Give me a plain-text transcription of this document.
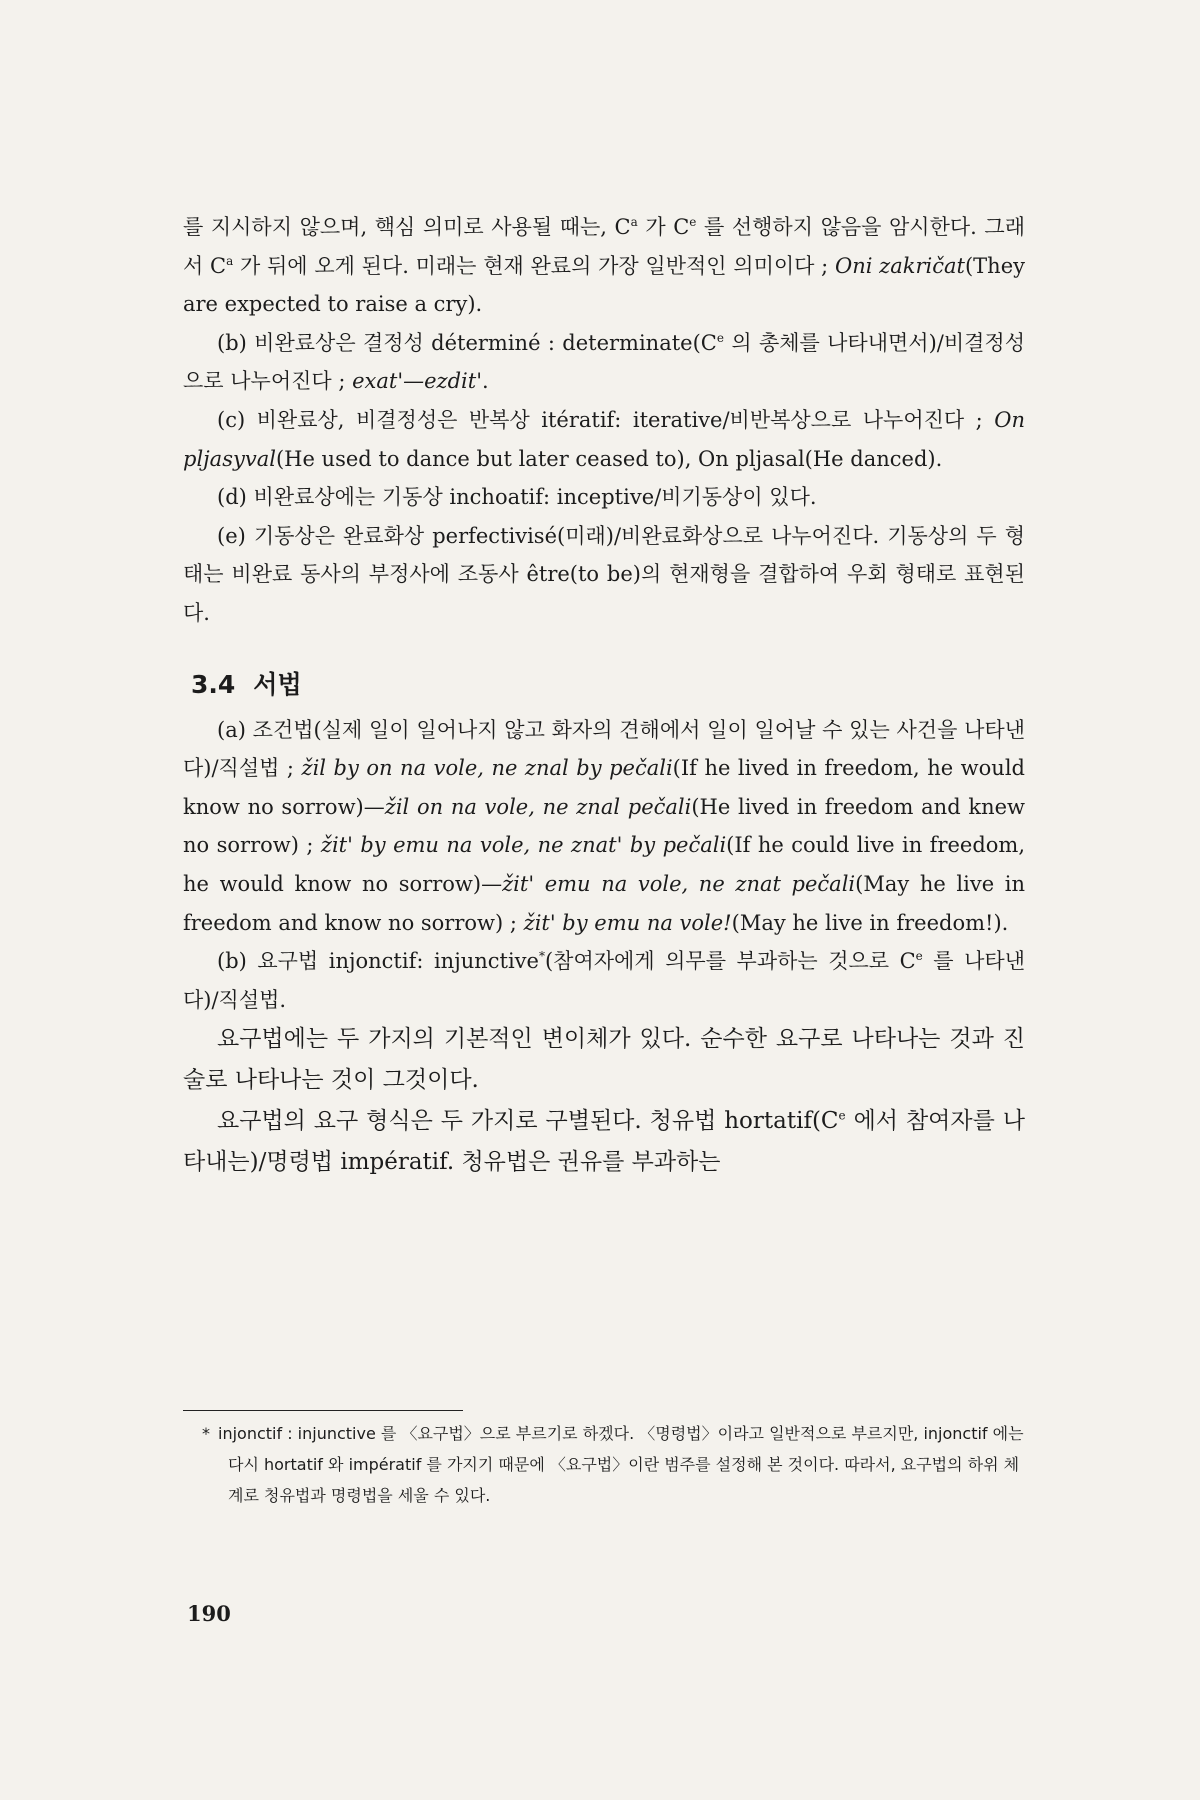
를 지시하지 않으며, 핵심 의미로 사용될 때는, $C^a$ 가 Ce 를 선행하지 않음을 암시한다. 그래서 $C^a$ 가 뒤에 오게 된다. 미래는 현재 완료의 가장 일반적인 의미이다 ; Oni zakričat(They are expected to raise a cry).

(b) 비완료상은 결정성 déterminé : determinate(Ce 의 총체를 나타내면서)/비결정성으로 나누어진다 ; exat'—ezdit'.

(c) 비완료상, 비결정성은 반복상 itératif: iterative/비반복상으로 나누어진다 ; On pljasyval(He used to dance but later ceased to), On pljasal(He danced).

(d) 비완료상에는 기동상 inchoatif: inceptive/비기동상이 있다.

(e) 기동상은 완료화상 perfectivisé(미래)/비완료화상으로 나누어진다. 기동상의 두 형태는 비완료 동사의 부정사에 조동사 être(to be)의 현재형을 결합하여 우회 형태로 표현된다.

3.4 서법

(a) 조건법(실제 일이 일어나지 않고 화자의 견해에서 일이 일어날 수 있는 사건을 나타낸다)/직설법 ; žil by on na vole, ne znal by pečali(If he lived in freedom, he would know no sorrow)—žil on na vole, ne znal pečali(He lived in freedom and knew no sorrow) ; žit' by emu na vole, ne znat' by pečali(If he could live in freedom, he would know no sorrow)—žit' emu na vole, ne znat pečali(May he live in freedom and know no sorrow) ; žit' by emu na vole!(May he live in freedom!).

(b) 요구법 injonctif: injunctive*(참여자에게 의무를 부과하는 것으로 Ce 를 나타낸다)/직설법.

요구법에는 두 가지의 기본적인 변이체가 있다. 순수한 요구로 나타나는 것과 진술로 나타나는 것이 그것이다.

요구법의 요구 형식은 두 가지로 구별된다. 청유법 hortatif(Ce 에서 참여자를 나타내는)/명령법 impératif. 청유법은 권유를 부과하는

* injonctif : injunctive 를 〈요구법〉으로 부르기로 하겠다. 〈명령법〉이라고 일반적으로 부르지만, injonctif 에는 다시 hortatif 와 impératif 를 가지기 때문에 〈요구법〉이란 범주를 설정해 본 것이다. 따라서, 요구법의 하위 체계로 청유법과 명령법을 세울 수 있다.
190
